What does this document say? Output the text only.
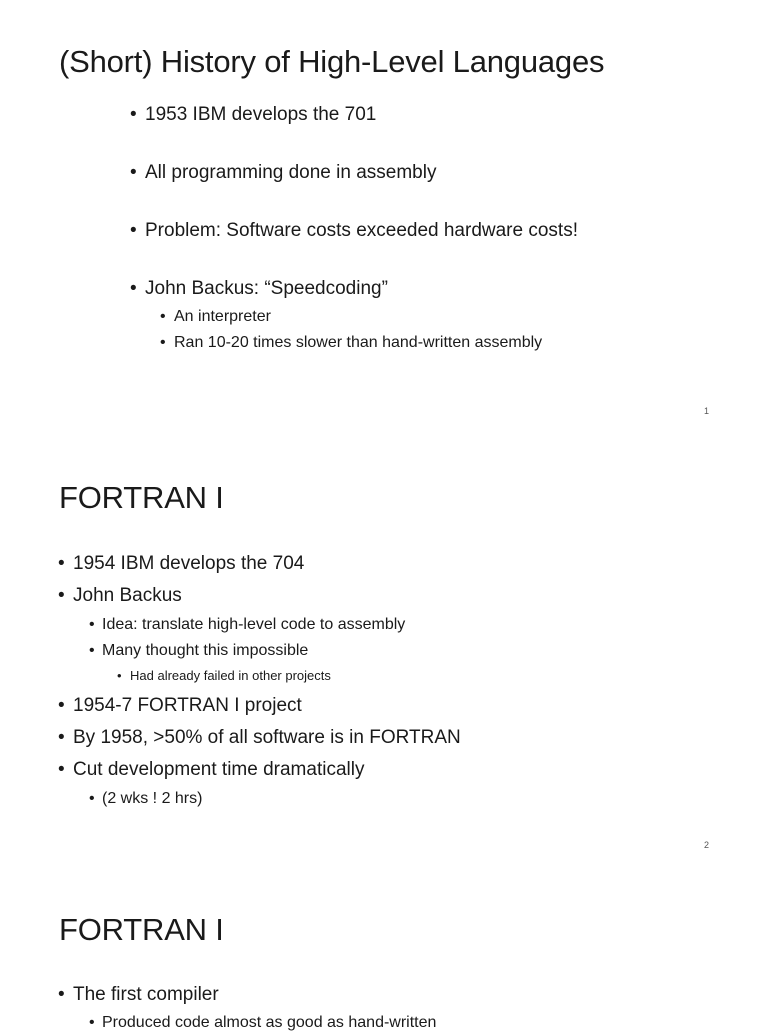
(Short) History of High-Level Languages
• 1953 IBM develops the 701
• All programming done in assembly
• Problem: Software costs exceeded hardware costs!
• John Backus: “Speedcoding”
• An interpreter
• Ran 10-20 times slower than hand-written assembly
1
FORTRAN I
• 1954 IBM develops the 704
• John Backus
• Idea: translate high-level code to assembly
• Many thought this impossible
• Had already failed in other projects
• 1954-7 FORTRAN I project
• By 1958, >50% of all software is in FORTRAN
• Cut development time dramatically
• (2 wks ! 2 hrs)
2
FORTRAN I
• The first compiler
• Produced code almost as good as hand-written
